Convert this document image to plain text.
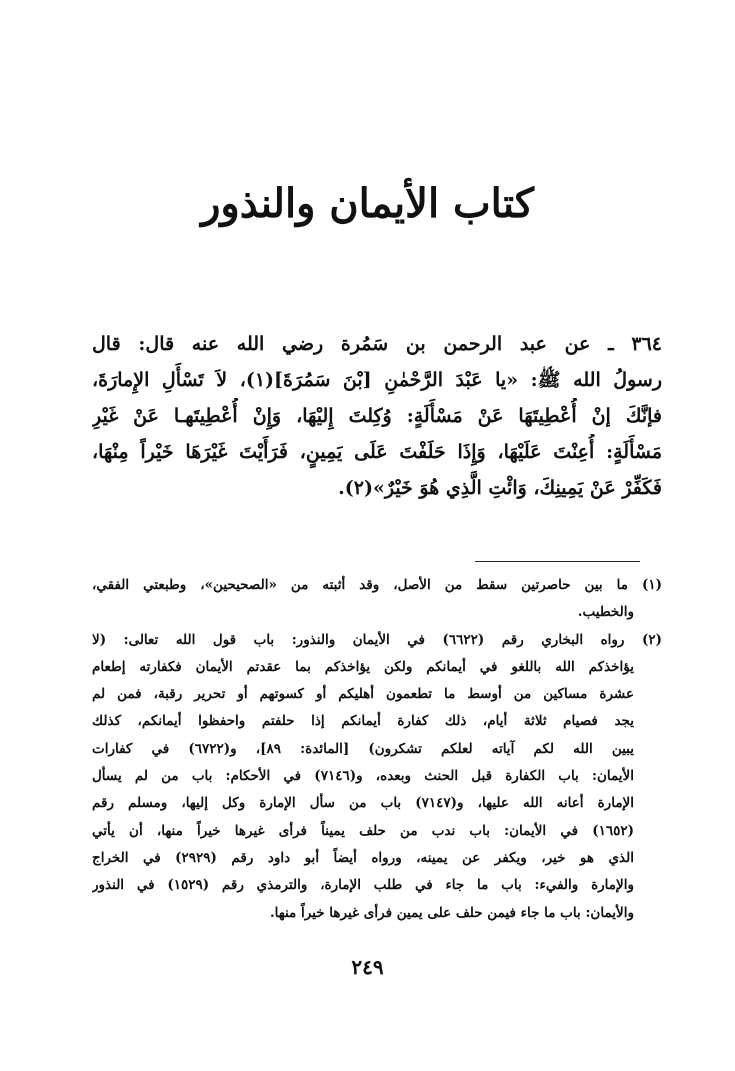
كتاب الأيمان والنذور
٣٦٤ ـ عن عبد الرحمن بن سَمُرة رضي الله عنه قال: قال
رسولُ الله ﷺ: «يا عَبْدَ الرَّحْمٰنِ [بْنَ سَمُرَةَ](١)، لاَ تَسْأَلِ الإِمارَةَ،
فإنَّكَ إنْ أُعْطِيتَهَا عَنْ مَسْأَلَةٍ: وُكِلتَ إِليْهَا، وَإِنْ أُعْطِيتَهـا عَنْ غَيْرِ
مَسْأَلَةٍ: أُعِنْتَ عَلَيْهَا، وَإِذَا حَلَفْتَ عَلَى يَمِينٍ، فَرَأَيْتَ غَيْرَهَا خَيْراً مِنْهَا،
فَكَفِّرْ عَنْ يَمِينِكَ، وَائْتِ الَّذِي هُوَ خَيْرٌ»(٢).
(١) ما بين حاصرتين سقط من الأصل، وقد أثبته من «الصحيحين»، وطبعتي الفقي،
والخطيب.
(٢) رواه البخاري رقم (٦٦٢٢) في الأيمان والنذور: باب قول الله تعالى: (لا
يؤاخذكم الله باللغو في أيمانكم ولكن يؤاخذكم بما عقدتم الأيمان فكفارته إطعام
عشرة مساكين من أوسط ما تطعمون أهليكم أو كسوتهم أو تحرير رقبة، فمن لم
يجد فصيام ثلاثة أيام، ذلك كفارة أيمانكم إذا حلفتم واحفظوا أيمانكم، كذلك
يبين الله لكم آياته لعلكم تشكرون) [المائدة: ٨٩]، و(٦٧٢٢) في كفارات
الأيمان: باب الكفارة قبل الحنث وبعده، و(٧١٤٦) في الأحكام: باب من لم يسأل
الإمارة أعانه الله عليها، و(٧١٤٧) باب من سأل الإمارة وكل إليها، ومسلم رقم
(١٦٥٢) في الأيمان: باب ندب من حلف يميناً فرأى غيرها خيراً منها، أن يأتي
الذي هو خير، ويكفر عن يمينه، ورواه أيضاً أبو داود رقم (٢٩٢٩) في الخراج
والإمارة والفيء: باب ما جاء في طلب الإمارة، والترمذي رقم (١٥٢٩) في النذور
والأيمان: باب ما جاء فيمن حلف على يمين فرأى غيرها خيراً منها.
٢٤٩
